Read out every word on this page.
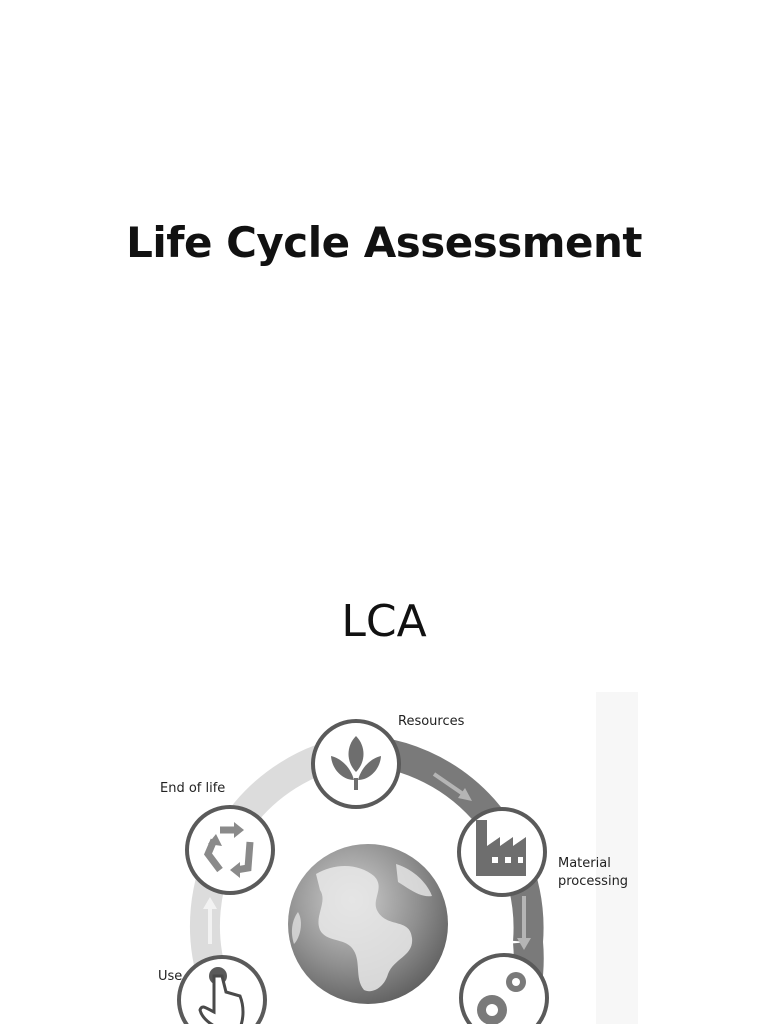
Life Cycle Assessment
LCA
Resources
Material processing
Use
End of life
